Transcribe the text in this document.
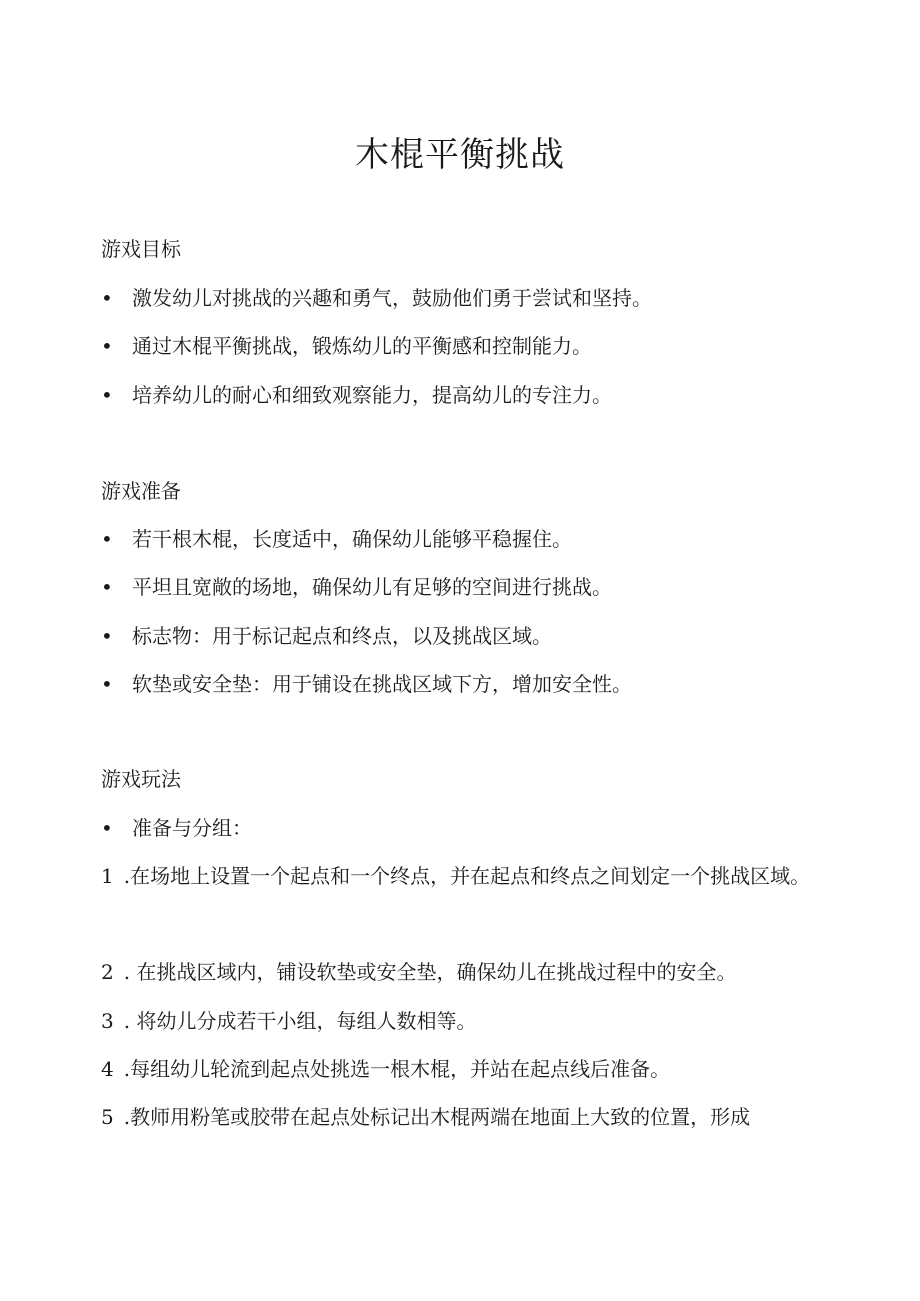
木棍平衡挑战
游戏目标
• 激发幼儿对挑战的兴趣和勇气，鼓励他们勇于尝试和坚持。
• 通过木棍平衡挑战，锻炼幼儿的平衡感和控制能力。
• 培养幼儿的耐心和细致观察能力，提高幼儿的专注力。
游戏准备
• 若干根木棍，长度适中，确保幼儿能够平稳握住。
• 平坦且宽敞的场地，确保幼儿有足够的空间进行挑战。
• 标志物：用于标记起点和终点，以及挑战区域。
• 软垫或安全垫：用于铺设在挑战区域下方，增加安全性。
游戏玩法
• 准备与分组：
1 .在场地上设置一个起点和一个终点，并在起点和终点之间划定一个挑战区域。
2 . 在挑战区域内，铺设软垫或安全垫，确保幼儿在挑战过程中的安全。
3 . 将幼儿分成若干小组，每组人数相等。
4 .每组幼儿轮流到起点处挑选一根木棍，并站在起点线后准备。
5 .教师用粉笔或胶带在起点处标记出木棍两端在地面上大致的位置，形成
